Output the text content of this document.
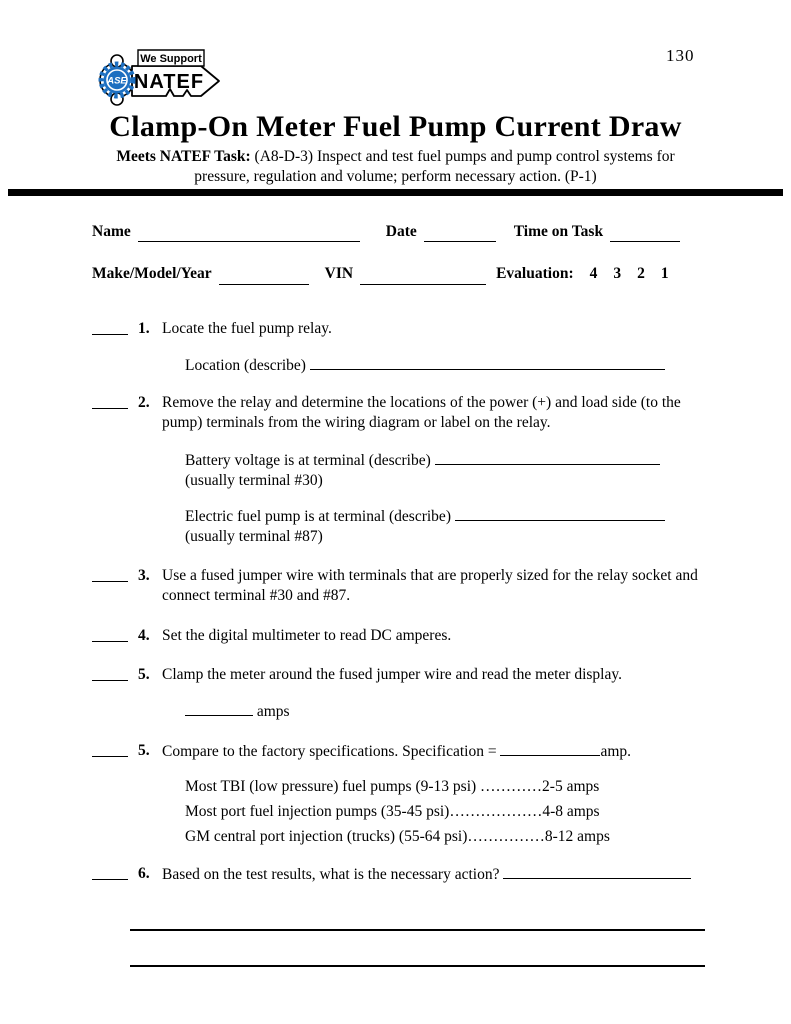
We Support
NATEF
ASE
130
Clamp-On Meter Fuel Pump Current Draw
Meets NATEF Task: (A8-D-3) Inspect and test fuel pumps and pump control systems for pressure, regulation and volume; perform necessary action. (P-1)
Name	Date	Time on Task
Make/Model/Year	VIN	Evaluation: 4 3 2 1
1. Locate the fuel pump relay.
Location (describe)
2. Remove the relay and determine the locations of the power (+) and load side (to the pump) terminals from the wiring diagram or label on the relay.
Battery voltage is at terminal (describe)
(usually terminal #30)
Electric fuel pump is at terminal (describe)
(usually terminal #87)
3. Use a fused jumper wire with terminals that are properly sized for the relay socket and connect terminal #30 and #87.
4. Set the digital multimeter to read DC amperes.
5. Clamp the meter around the fused jumper wire and read the meter display.
amps
5. Compare to the factory specifications. Specification =	amp.
Most TBI (low pressure) fuel pumps (9-13 psi) …………2-5 amps
Most port fuel injection pumps (35-45 psi)………………4-8 amps
GM central port injection (trucks) (55-64 psi)……………8-12 amps
6. Based on the test results, what is the necessary action?
